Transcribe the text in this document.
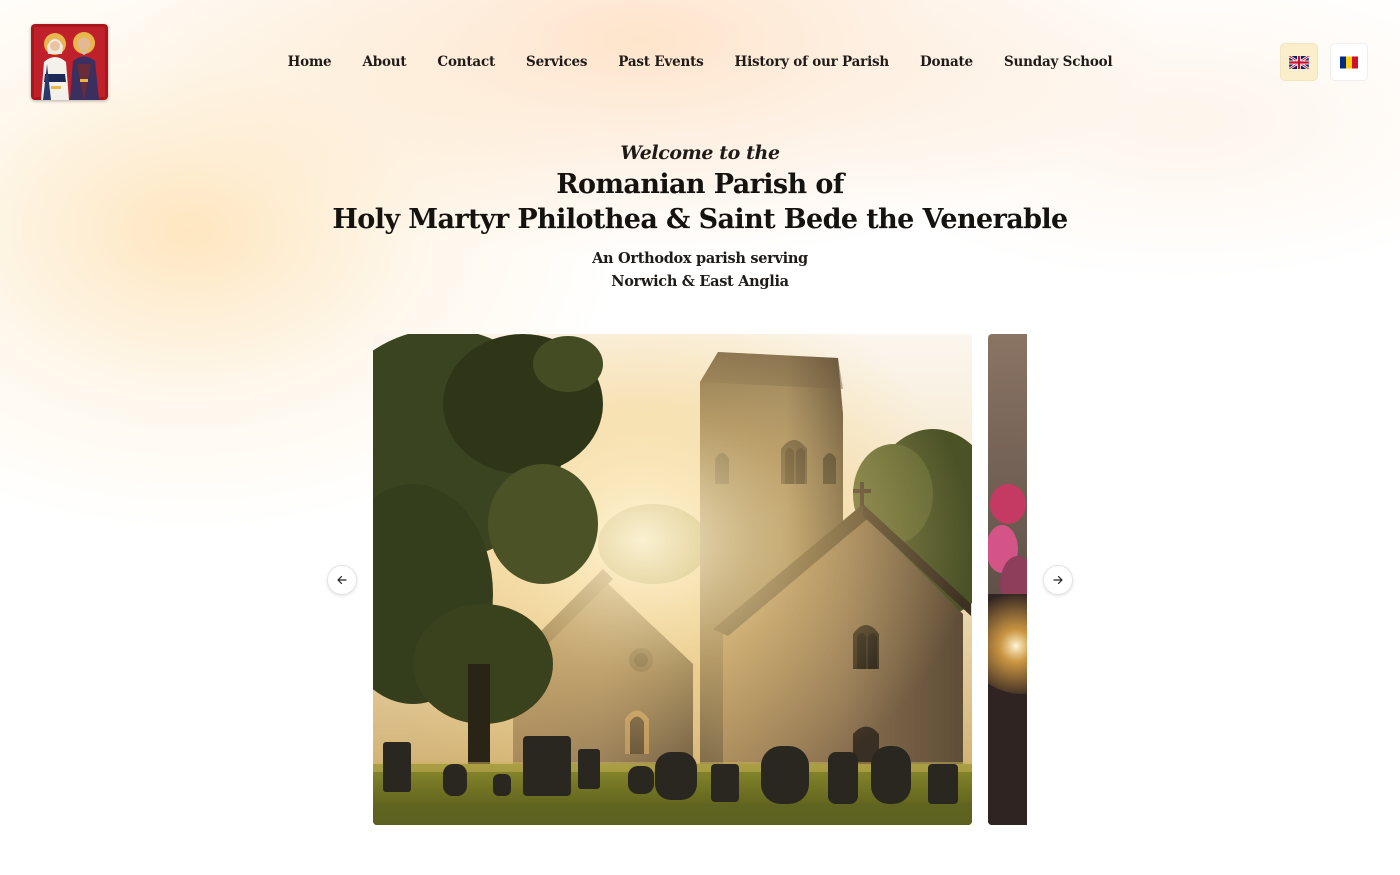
Home About Contact Services Past Events History of our Parish Donate Sunday School
Welcome to the
Romanian Parish of
Holy Martyr Philothea & Saint Bede the Venerable
An Orthodox parish serving
Norwich & East Anglia
